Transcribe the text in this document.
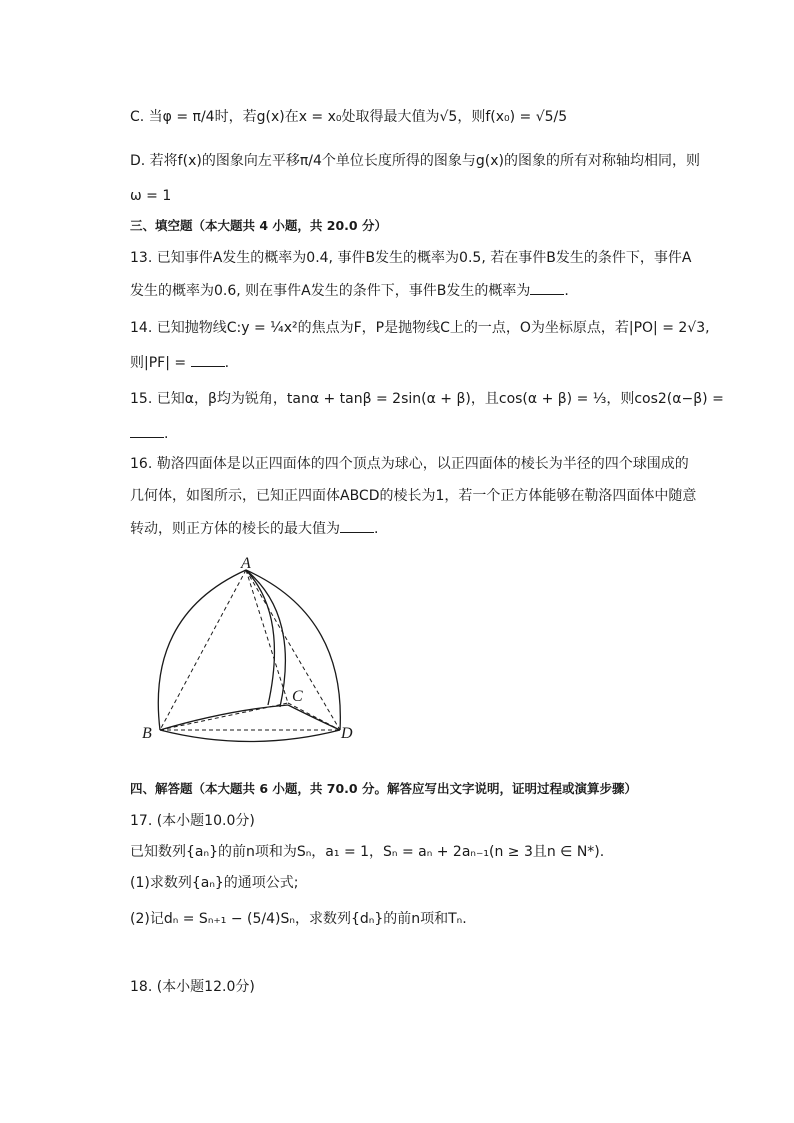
C. 当φ = π/4时，若g(x)在x = x₀处取得最大值为√5，则f(x₀) = √5/5
D. 若将f(x)的图象向左平移π/4个单位长度所得的图象与g(x)的图象的所有对称轴均相同，则
ω = 1
三、填空题（本大题共 4 小题，共 20.0 分）
13. 已知事件A发生的概率为0.4, 事件B发生的概率为0.5, 若在事件B发生的条件下，事件A
发生的概率为0.6, 则在事件A发生的条件下，事件B发生的概率为 .
14. 已知抛物线C:y = ¼x²的焦点为F，P是抛物线C上的一点，O为坐标原点，若|PO| = 2√3,
则|PF| = .
15. 已知α，β均为锐角，tanα + tanβ = 2sin(α + β)，且cos(α + β) = ⅓，则cos2(α−β) =
.
16. 勒洛四面体是以正四面体的四个顶点为球心，以正四面体的棱长为半径的四个球围成的
几何体，如图所示，已知正四面体ABCD的棱长为1，若一个正方体能够在勒洛四面体中随意
转动，则正方体的棱长的最大值为 .
A
B
C
D
四、解答题（本大题共 6 小题，共 70.0 分。解答应写出文字说明，证明过程或演算步骤）
17. (本小题10.0分)
已知数列{aₙ}的前n项和为Sₙ，a₁ = 1，Sₙ = aₙ + 2aₙ₋₁(n ≥ 3且n ∈ N*).
(1)求数列{aₙ}的通项公式;
(2)记dₙ = Sₙ₊₁ − (5/4)Sₙ，求数列{dₙ}的前n项和Tₙ.
18. (本小题12.0分)
